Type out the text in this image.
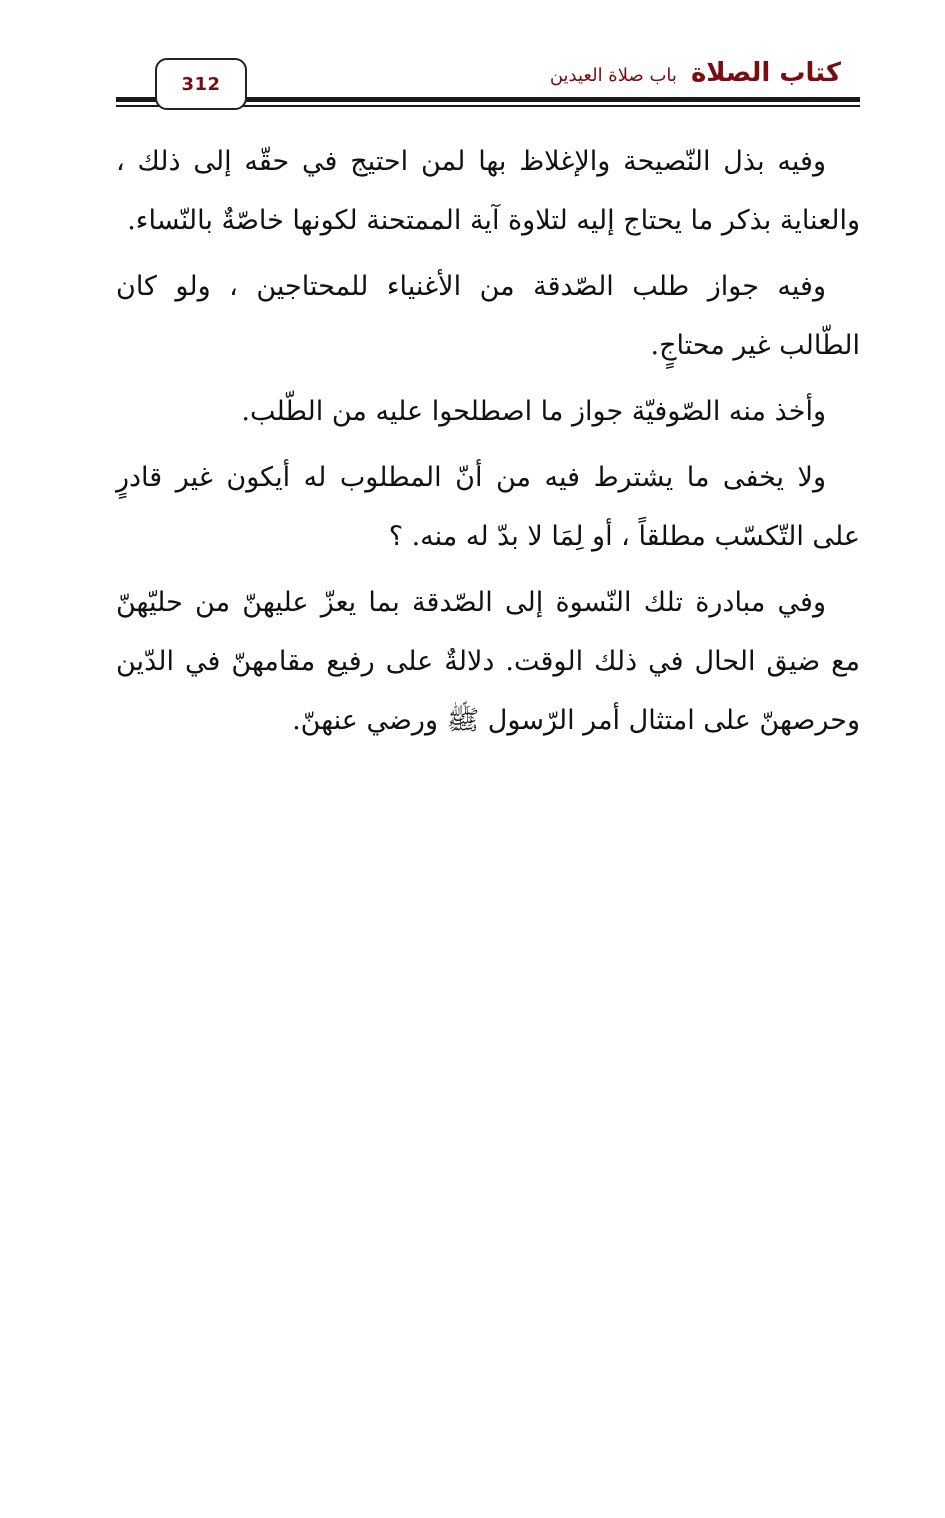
312	كتاب الصلاة
باب صلاة العيدين

وفيه بذل النّصيحة والإغلاظ بها لمن احتيج في حقّه إلى ذلك ، والعناية بذكر ما يحتاج إليه لتلاوة آية الممتحنة لكونها خاصّةٌ بالنّساء.

وفيه جواز طلب الصّدقة من الأغنياء للمحتاجين ، ولو كان الطّالب غير محتاجٍ.

وأخذ منه الصّوفيّة جواز ما اصطلحوا عليه من الطّلب.

ولا يخفى ما يشترط فيه من أنّ المطلوب له أيكون غير قادرٍ على التّكسّب مطلقاً ، أو لِمَا لا بدّ له منه. ؟

وفي مبادرة تلك النّسوة إلى الصّدقة بما يعزّ عليهنّ من حليّهنّ مع ضيق الحال في ذلك الوقت. دلالةٌ على رفيع مقامهنّ في الدّين وحرصهنّ على امتثال أمر الرّسول ﷺ ورضي عنهنّ.
